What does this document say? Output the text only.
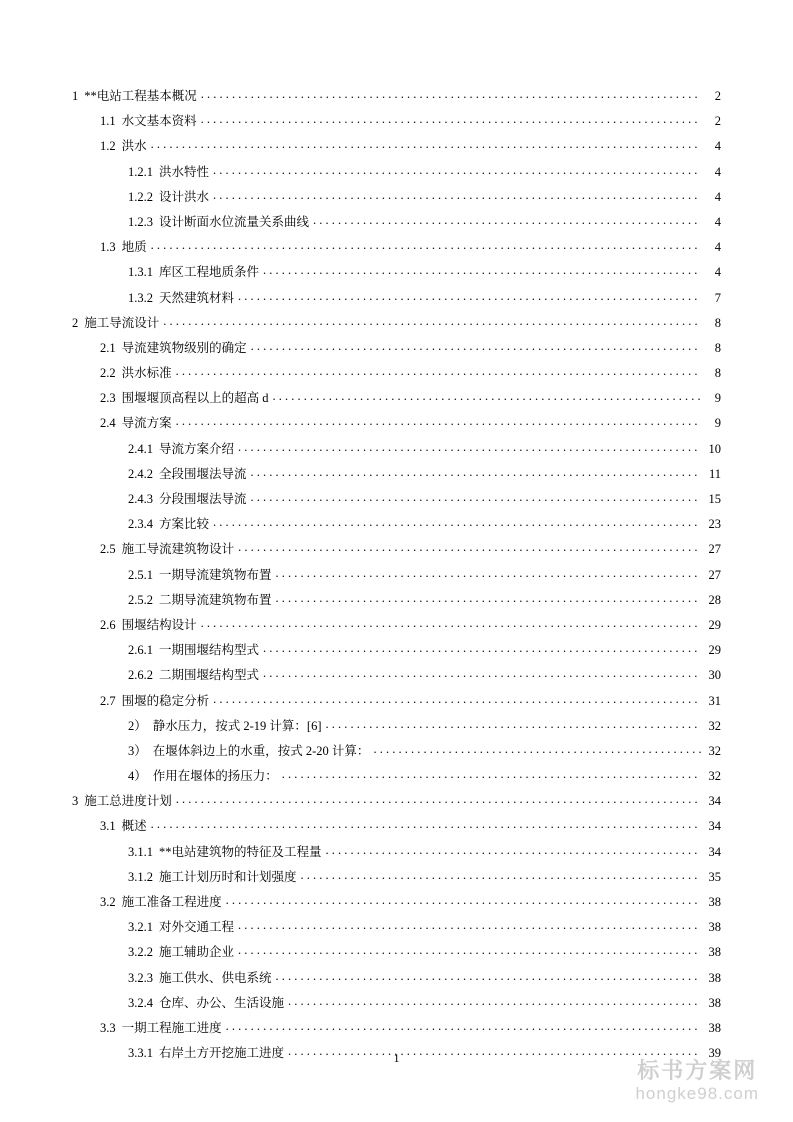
1 **电站工程基本概况 . . .	2
1.1 水文基本资料 . . .	2
1.2 洪水 . . .	4
1.2.1 洪水特性 . . .	4
1.2.2 设计洪水 . . .	4
1.2.3 设计断面水位流量关系曲线 . . .	4
1.3 地质 . . .	4
1.3.1 库区工程地质条件 . . .	4
1.3.2 天然建筑材料 . . .	7
2 施工导流设计 . . .	8
2.1 导流建筑物级别的确定 . . .	8
2.2 洪水标准 . . .	8
2.3 围堰堰顶高程以上的超高 d . . .	9
2.4 导流方案 . . .	9
2.4.1 导流方案介绍 . . .	10
2.4.2 全段围堰法导流 . . .	11
2.4.3 分段围堰法导流 . . .	15
2.3.4 方案比较 . . .	23
2.5 施工导流建筑物设计 . . .	27
2.5.1 一期导流建筑物布置 . . .	27
2.5.2 二期导流建筑物布置 . . .	28
2.6 围堰结构设计 . . .	29
2.6.1 一期围堰结构型式 . . .	29
2.6.2 二期围堰结构型式 . . .	30
2.7 围堰的稳定分析 . . .	31
2） 静水压力，按式 2-19 计算：[6] . . .	32
3） 在堰体斜边上的水重，按式 2-20 计算： . . .	32
4） 作用在堰体的扬压力： . . .	32
3 施工总进度计划 . . .	34
3.1 概述 . . .	34
3.1.1 **电站建筑物的特征及工程量 . . .	34
3.1.2 施工计划历时和计划强度 . . .	35
3.2 施工准备工程进度 . . .	38
3.2.1 对外交通工程 . . .	38
3.2.2 施工辅助企业 . . .	38
3.2.3 施工供水、供电系统 . . .	38
3.2.4 仓库、办公、生活设施 . . .	38
3.3 一期工程施工进度 . . .	38
3.3.1 右岸土方开挖施工进度 . . .	39
1
标书方案网
hongke98.com
